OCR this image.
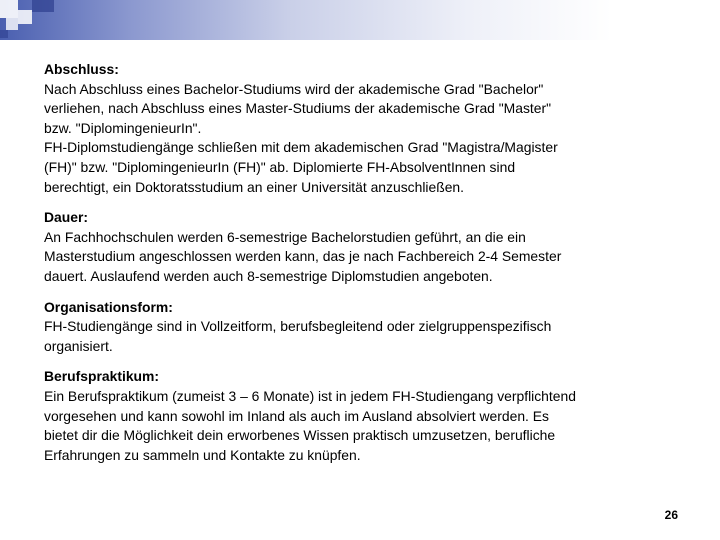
Abschluss:
Nach Abschluss eines Bachelor-Studiums wird der akademische Grad "Bachelor"
verliehen, nach Abschluss eines Master-Studiums der akademische Grad "Master"
bzw. "DiplomingenieurIn".
FH-Diplomstudiengänge schließen mit dem akademischen Grad "Magistra/Magister
(FH)" bzw. "DiplomingenieurIn (FH)" ab. Diplomierte FH-AbsolventInnen sind
berechtigt, ein Doktoratsstudium an einer Universität anzuschließen.
Dauer:
An Fachhochschulen werden 6-semestrige Bachelorstudien geführt, an die ein
Masterstudium angeschlossen werden kann, das je nach Fachbereich 2-4 Semester
dauert. Auslaufend werden auch 8-semestrige Diplomstudien angeboten.
Organisationsform:
FH-Studiengänge sind in Vollzeitform, berufsbegleitend oder zielgruppenspezifisch
organisiert.
Berufspraktikum:
Ein Berufspraktikum (zumeist 3 – 6 Monate) ist in jedem FH-Studiengang verpflichtend
vorgesehen und kann sowohl im Inland als auch im Ausland absolviert werden. Es
bietet dir die Möglichkeit dein erworbenes Wissen praktisch umzusetzen, berufliche
Erfahrungen zu sammeln und Kontakte zu knüpfen.
26
